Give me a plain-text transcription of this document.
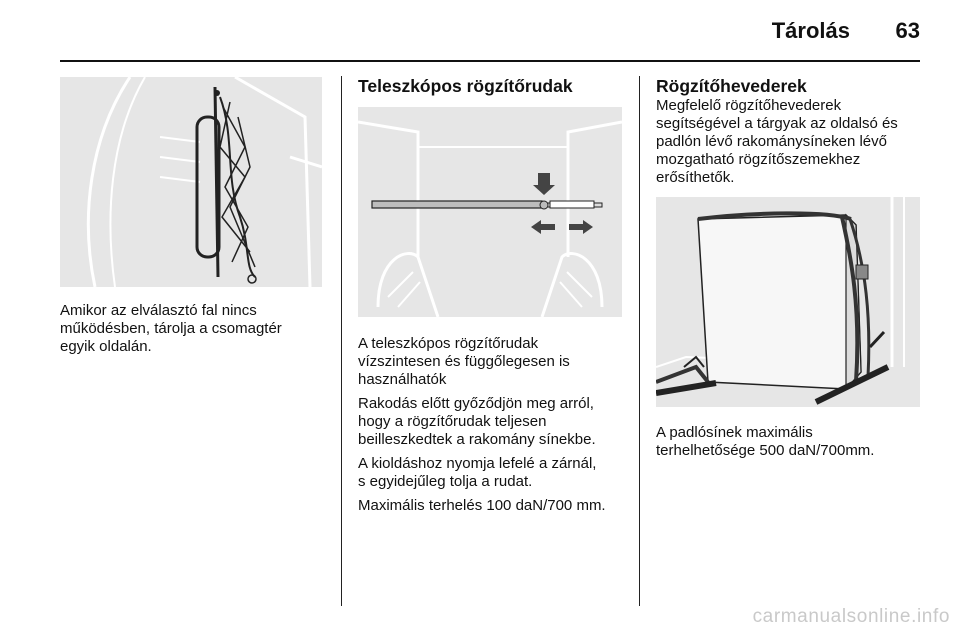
Tárolás	63
Amikor az elválasztó fal nincs
működésben, tárolja a csomagtér
egyik oldalán.
Teleszkópos rögzítőrudak

A teleszkópos rögzítőrudak
vízszintesen és függőlegesen is
használhatók

Rakodás előtt győződjön meg arról,
hogy a rögzítőrudak teljesen
beilleszkedtek a rakomány sínekbe.

A kioldáshoz nyomja lefelé a zárnál,
s egyidejűleg tolja a rudat.

Maximális terhelés 100 daN/700 mm.

Rögzítőhevederek
Megfelelő rögzítőhevederek
segítségével a tárgyak az oldalsó és
padlón lévő rakománysíneken lévő
mozgatható rögzítőszemekhez
erősíthetők.
A padlósínek maximális
terhelhetősége 500 daN/700mm.
carmanualsonline.info
